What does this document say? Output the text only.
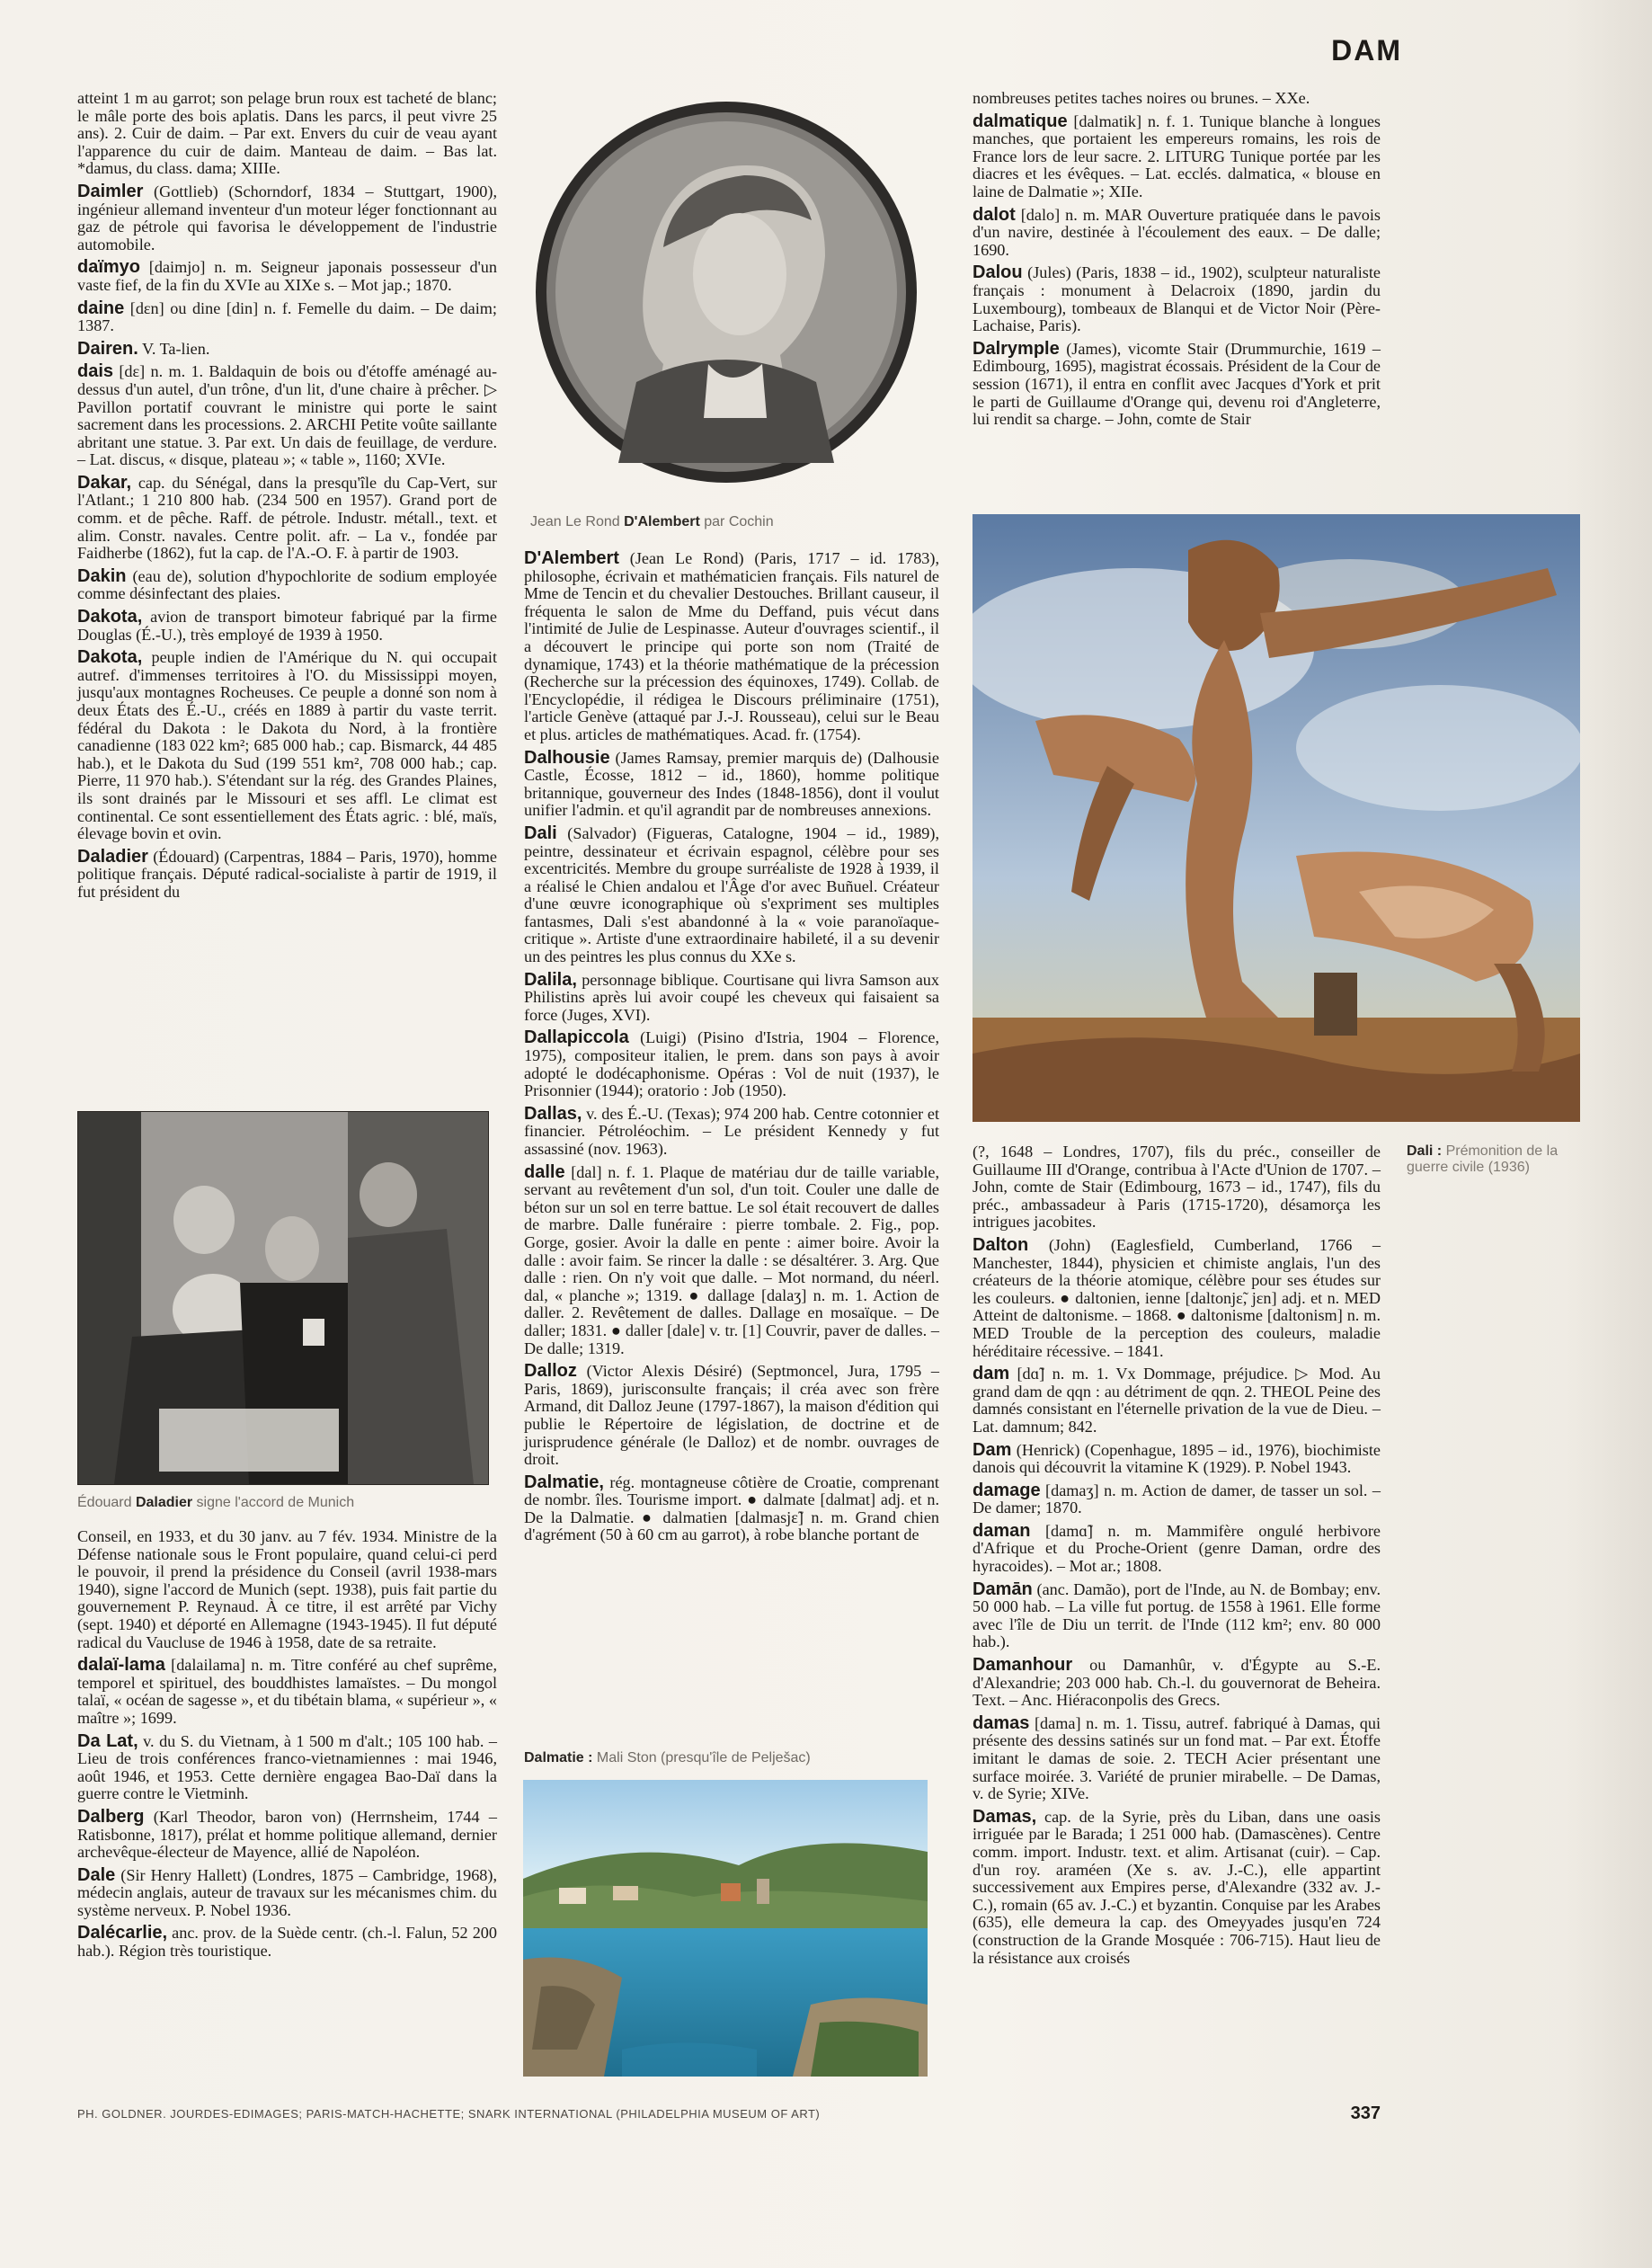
DAM

atteint 1 m au garrot; son pelage brun roux est tacheté de blanc; le mâle porte des bois aplatis. Dans les parcs, il peut vivre 25 ans). 2. Cuir de daim. – Par ext. Envers du cuir de veau ayant l'apparence du cuir de daim. Manteau de daim. – Bas lat. *damus, du class. dama; XIIIe.

Daimler (Gottlieb) (Schorndorf, 1834 – Stuttgart, 1900), ingénieur allemand inventeur d'un moteur léger fonctionnant au gaz de pétrole qui favorisa le développement de l'industrie automobile.

daïmyo [daimjo] n. m. Seigneur japonais possesseur d'un vaste fief, de la fin du XVIe au XIXe s. – Mot jap.; 1870.

daine [dɛn] ou dine [din] n. f. Femelle du daim. – De daim; 1387.

Dairen. V. Ta-lien.

dais [dɛ] n. m. 1. Baldaquin de bois ou d'étoffe aménagé au-dessus d'un autel, d'un trône, d'un lit, d'une chaire à prêcher. ▷ Pavillon portatif couvrant le ministre qui porte le saint sacrement dans les processions. 2. ARCHI Petite voûte saillante abritant une statue. 3. Par ext. Un dais de feuillage, de verdure. – Lat. discus, « disque, plateau »; « table », 1160; XVIe.

Dakar, cap. du Sénégal, dans la presqu'île du Cap-Vert, sur l'Atlant.; 1 210 800 hab. (234 500 en 1957). Grand port de comm. et de pêche. Raff. de pétrole. Industr. métall., text. et alim. Constr. navales. Centre polit. afr. – La v., fondée par Faidherbe (1862), fut la cap. de l'A.-O. F. à partir de 1903.

Dakin (eau de), solution d'hypochlorite de sodium employée comme désinfectant des plaies.

Dakota, avion de transport bimoteur fabriqué par la firme Douglas (É.-U.), très employé de 1939 à 1950.

Dakota, peuple indien de l'Amérique du N. qui occupait autref. d'immenses territoires à l'O. du Mississippi moyen, jusqu'aux montagnes Rocheuses. Ce peuple a donné son nom à deux États des É.-U., créés en 1889 à partir du vaste territ. fédéral du Dakota : le Dakota du Nord, à la frontière canadienne (183 022 km²; 685 000 hab.; cap. Bismarck, 44 485 hab.), et le Dakota du Sud (199 551 km², 708 000 hab.; cap. Pierre, 11 970 hab.). S'étendant sur la rég. des Grandes Plaines, ils sont drainés par le Missouri et ses affl. Le climat est continental. Ce sont essentiellement des États agric. : blé, maïs, élevage bovin et ovin.

Daladier (Édouard) (Carpentras, 1884 – Paris, 1970), homme politique français. Député radical-socialiste à partir de 1919, il fut président du

Édouard Daladier signe l'accord de Munich

Conseil, en 1933, et du 30 janv. au 7 fév. 1934. Ministre de la Défense nationale sous le Front populaire, quand celui-ci perd le pouvoir, il prend la présidence du Conseil (avril 1938-mars 1940), signe l'accord de Munich (sept. 1938), puis fait partie du gouvernement P. Reynaud. À ce titre, il est arrêté par Vichy (sept. 1940) et déporté en Allemagne (1943-1945). Il fut député radical du Vaucluse de 1946 à 1958, date de sa retraite.

dalaï-lama [dalailama] n. m. Titre conféré au chef suprême, temporel et spirituel, des bouddhistes lamaïstes. – Du mongol talaï, « océan de sagesse », et du tibétain blama, « supérieur », « maître »; 1699.

Da Lat, v. du S. du Vietnam, à 1 500 m d'alt.; 105 100 hab. – Lieu de trois conférences franco-vietnamiennes : mai 1946, août 1946, et 1953. Cette dernière engagea Bao-Daï dans la guerre contre le Vietminh.

Dalberg (Karl Theodor, baron von) (Herrnsheim, 1744 – Ratisbonne, 1817), prélat et homme politique allemand, dernier archevêque-électeur de Mayence, allié de Napoléon.

Dale (Sir Henry Hallett) (Londres, 1875 – Cambridge, 1968), médecin anglais, auteur de travaux sur les mécanismes chim. du système nerveux. P. Nobel 1936.

Dalécarlie, anc. prov. de la Suède centr. (ch.-l. Falun, 52 200 hab.). Région très touristique.

Jean Le Rond D'Alembert par Cochin

D'Alembert (Jean Le Rond) (Paris, 1717 – id. 1783), philosophe, écrivain et mathématicien français. Fils naturel de Mme de Tencin et du chevalier Destouches. Brillant causeur, il fréquenta le salon de Mme du Deffand, puis vécut dans l'intimité de Julie de Lespinasse. Auteur d'ouvrages scientif., il a découvert le principe qui porte son nom (Traité de dynamique, 1743) et la théorie mathématique de la précession (Recherche sur la précession des équinoxes, 1749). Collab. de l'Encyclopédie, il rédigea le Discours préliminaire (1751), l'article Genève (attaqué par J.-J. Rousseau), celui sur le Beau et plus. articles de mathématiques. Acad. fr. (1754).

Dalhousie (James Ramsay, premier marquis de) (Dalhousie Castle, Écosse, 1812 – id., 1860), homme politique britannique, gouverneur des Indes (1848-1856), dont il voulut unifier l'admin. et qu'il agrandit par de nombreuses annexions.

Dali (Salvador) (Figueras, Catalogne, 1904 – id., 1989), peintre, dessinateur et écrivain espagnol, célèbre pour ses excentricités. Membre du groupe surréaliste de 1928 à 1939, il a réalisé le Chien andalou et l'Âge d'or avec Buñuel. Créateur d'une œuvre iconographique où s'expriment ses multiples fantasmes, Dali s'est abandonné à la « voie paranoïaque-critique ». Artiste d'une extraordinaire habileté, il a su devenir un des peintres les plus connus du XXe s.

Dalila, personnage biblique. Courtisane qui livra Samson aux Philistins après lui avoir coupé les cheveux qui faisaient sa force (Juges, XVI).

Dallapiccola (Luigi) (Pisino d'Istria, 1904 – Florence, 1975), compositeur italien, le prem. dans son pays à avoir adopté le dodécaphonisme. Opéras : Vol de nuit (1937), le Prisonnier (1944); oratorio : Job (1950).

Dallas, v. des É.-U. (Texas); 974 200 hab. Centre cotonnier et financier. Pétroléochim. – Le président Kennedy y fut assassiné (nov. 1963).

dalle [dal] n. f. 1. Plaque de matériau dur de taille variable, servant au revêtement d'un sol, d'un toit. Couler une dalle de béton sur un sol en terre battue. Le sol était recouvert de dalles de marbre. Dalle funéraire : pierre tombale. 2. Fig., pop. Gorge, gosier. Avoir la dalle en pente : aimer boire. Avoir la dalle : avoir faim. Se rincer la dalle : se désaltérer. 3. Arg. Que dalle : rien. On n'y voit que dalle. – Mot normand, du néerl. dal, « planche »; 1319. ● dallage [dalaʒ] n. m. 1. Action de daller. 2. Revêtement de dalles. Dallage en mosaïque. – De daller; 1831. ● daller [dale] v. tr. [1] Couvrir, paver de dalles. – De dalle; 1319.

Dalloz (Victor Alexis Désiré) (Septmoncel, Jura, 1795 – Paris, 1869), jurisconsulte français; il créa avec son frère Armand, dit Dalloz Jeune (1797-1867), la maison d'édition qui publie le Répertoire de législation, de doctrine et de jurisprudence générale (le Dalloz) et de nombr. ouvrages de droit.

Dalmatie, rég. montagneuse côtière de Croatie, comprenant de nombr. îles. Tourisme import. ● dalmate [dalmat] adj. et n. De la Dalmatie. ● dalmatien [dalmasjɛ̃] n. m. Grand chien d'agrément (50 à 60 cm au garrot), à robe blanche portant de

Dalmatie : Mali Ston (presqu'île de Pelješac)

nombreuses petites taches noires ou brunes. – XXe.

dalmatique [dalmatik] n. f. 1. Tunique blanche à longues manches, que portaient les empereurs romains, les rois de France lors de leur sacre. 2. LITURG Tunique portée par les diacres et les évêques. – Lat. ecclés. dalmatica, « blouse en laine de Dalmatie »; XIIe.

dalot [dalo] n. m. MAR Ouverture pratiquée dans le pavois d'un navire, destinée à l'écoulement des eaux. – De dalle; 1690.

Dalou (Jules) (Paris, 1838 – id., 1902), sculpteur naturaliste français : monument à Delacroix (1890, jardin du Luxembourg), tombeaux de Blanqui et de Victor Noir (Père-Lachaise, Paris).

Dalrymple (James), vicomte Stair (Drummurchie, 1619 – Edimbourg, 1695), magistrat écossais. Président de la Cour de session (1671), il entra en conflit avec Jacques d'York et prit le parti de Guillaume d'Orange qui, devenu roi d'Angleterre, lui rendit sa charge. – John, comte de Stair

Dali : Prémonition de la guerre civile (1936)

(?, 1648 – Londres, 1707), fils du préc., conseiller de Guillaume III d'Orange, contribua à l'Acte d'Union de 1707. – John, comte de Stair (Edimbourg, 1673 – id., 1747), fils du préc., ambassadeur à Paris (1715-1720), désamorça les intrigues jacobites.

Dalton (John) (Eaglesfield, Cumberland, 1766 – Manchester, 1844), physicien et chimiste anglais, l'un des créateurs de la théorie atomique, célèbre pour ses études sur les couleurs. ● daltonien, ienne [daltonjɛ̃, jɛn] adj. et n. MED Atteint de daltonisme. – 1868. ● daltonisme [daltonism] n. m. MED Trouble de la perception des couleurs, maladie héréditaire récessive. – 1841.

dam [dɑ̃] n. m. 1. Vx Dommage, préjudice. ▷ Mod. Au grand dam de qqn : au détriment de qqn. 2. THEOL Peine des damnés consistant en l'éternelle privation de la vue de Dieu. – Lat. damnum; 842.

Dam (Henrick) (Copenhague, 1895 – id., 1976), biochimiste danois qui découvrit la vitamine K (1929). P. Nobel 1943.

damage [damaʒ] n. m. Action de damer, de tasser un sol. – De damer; 1870.

daman [damɑ̃] n. m. Mammifère ongulé herbivore d'Afrique et du Proche-Orient (genre Daman, ordre des hyracoides). – Mot ar.; 1808.

Damān (anc. Damão), port de l'Inde, au N. de Bombay; env. 50 000 hab. – La ville fut portug. de 1558 à 1961. Elle forme avec l'île de Diu un territ. de l'Inde (112 km²; env. 80 000 hab.).

Damanhour ou Damanhûr, v. d'Égypte au S.-E. d'Alexandrie; 203 000 hab. Ch.-l. du gouvernorat de Beheira. Text. – Anc. Hiéraconpolis des Grecs.

damas [dama] n. m. 1. Tissu, autref. fabriqué à Damas, qui présente des dessins satinés sur un fond mat. – Par ext. Étoffe imitant le damas de soie. 2. TECH Acier présentant une surface moirée. 3. Variété de prunier mirabelle. – De Damas, v. de Syrie; XIVe.

Damas, cap. de la Syrie, près du Liban, dans une oasis irriguée par le Barada; 1 251 000 hab. (Damascènes). Centre comm. import. Industr. text. et alim. Artisanat (cuir). – Cap. d'un roy. araméen (Xe s. av. J.-C.), elle appartint successivement aux Empires perse, d'Alexandre (332 av. J.-C.), romain (65 av. J.-C.) et byzantin. Conquise par les Arabes (635), elle demeura la cap. des Omeyyades jusqu'en 724 (construction de la Grande Mosquée : 706-715). Haut lieu de la résistance aux croisés

PH. GOLDNER. JOURDES-EDIMAGES; PARIS-MATCH-HACHETTE; SNARK INTERNATIONAL (PHILADELPHIA MUSEUM OF ART)	337
